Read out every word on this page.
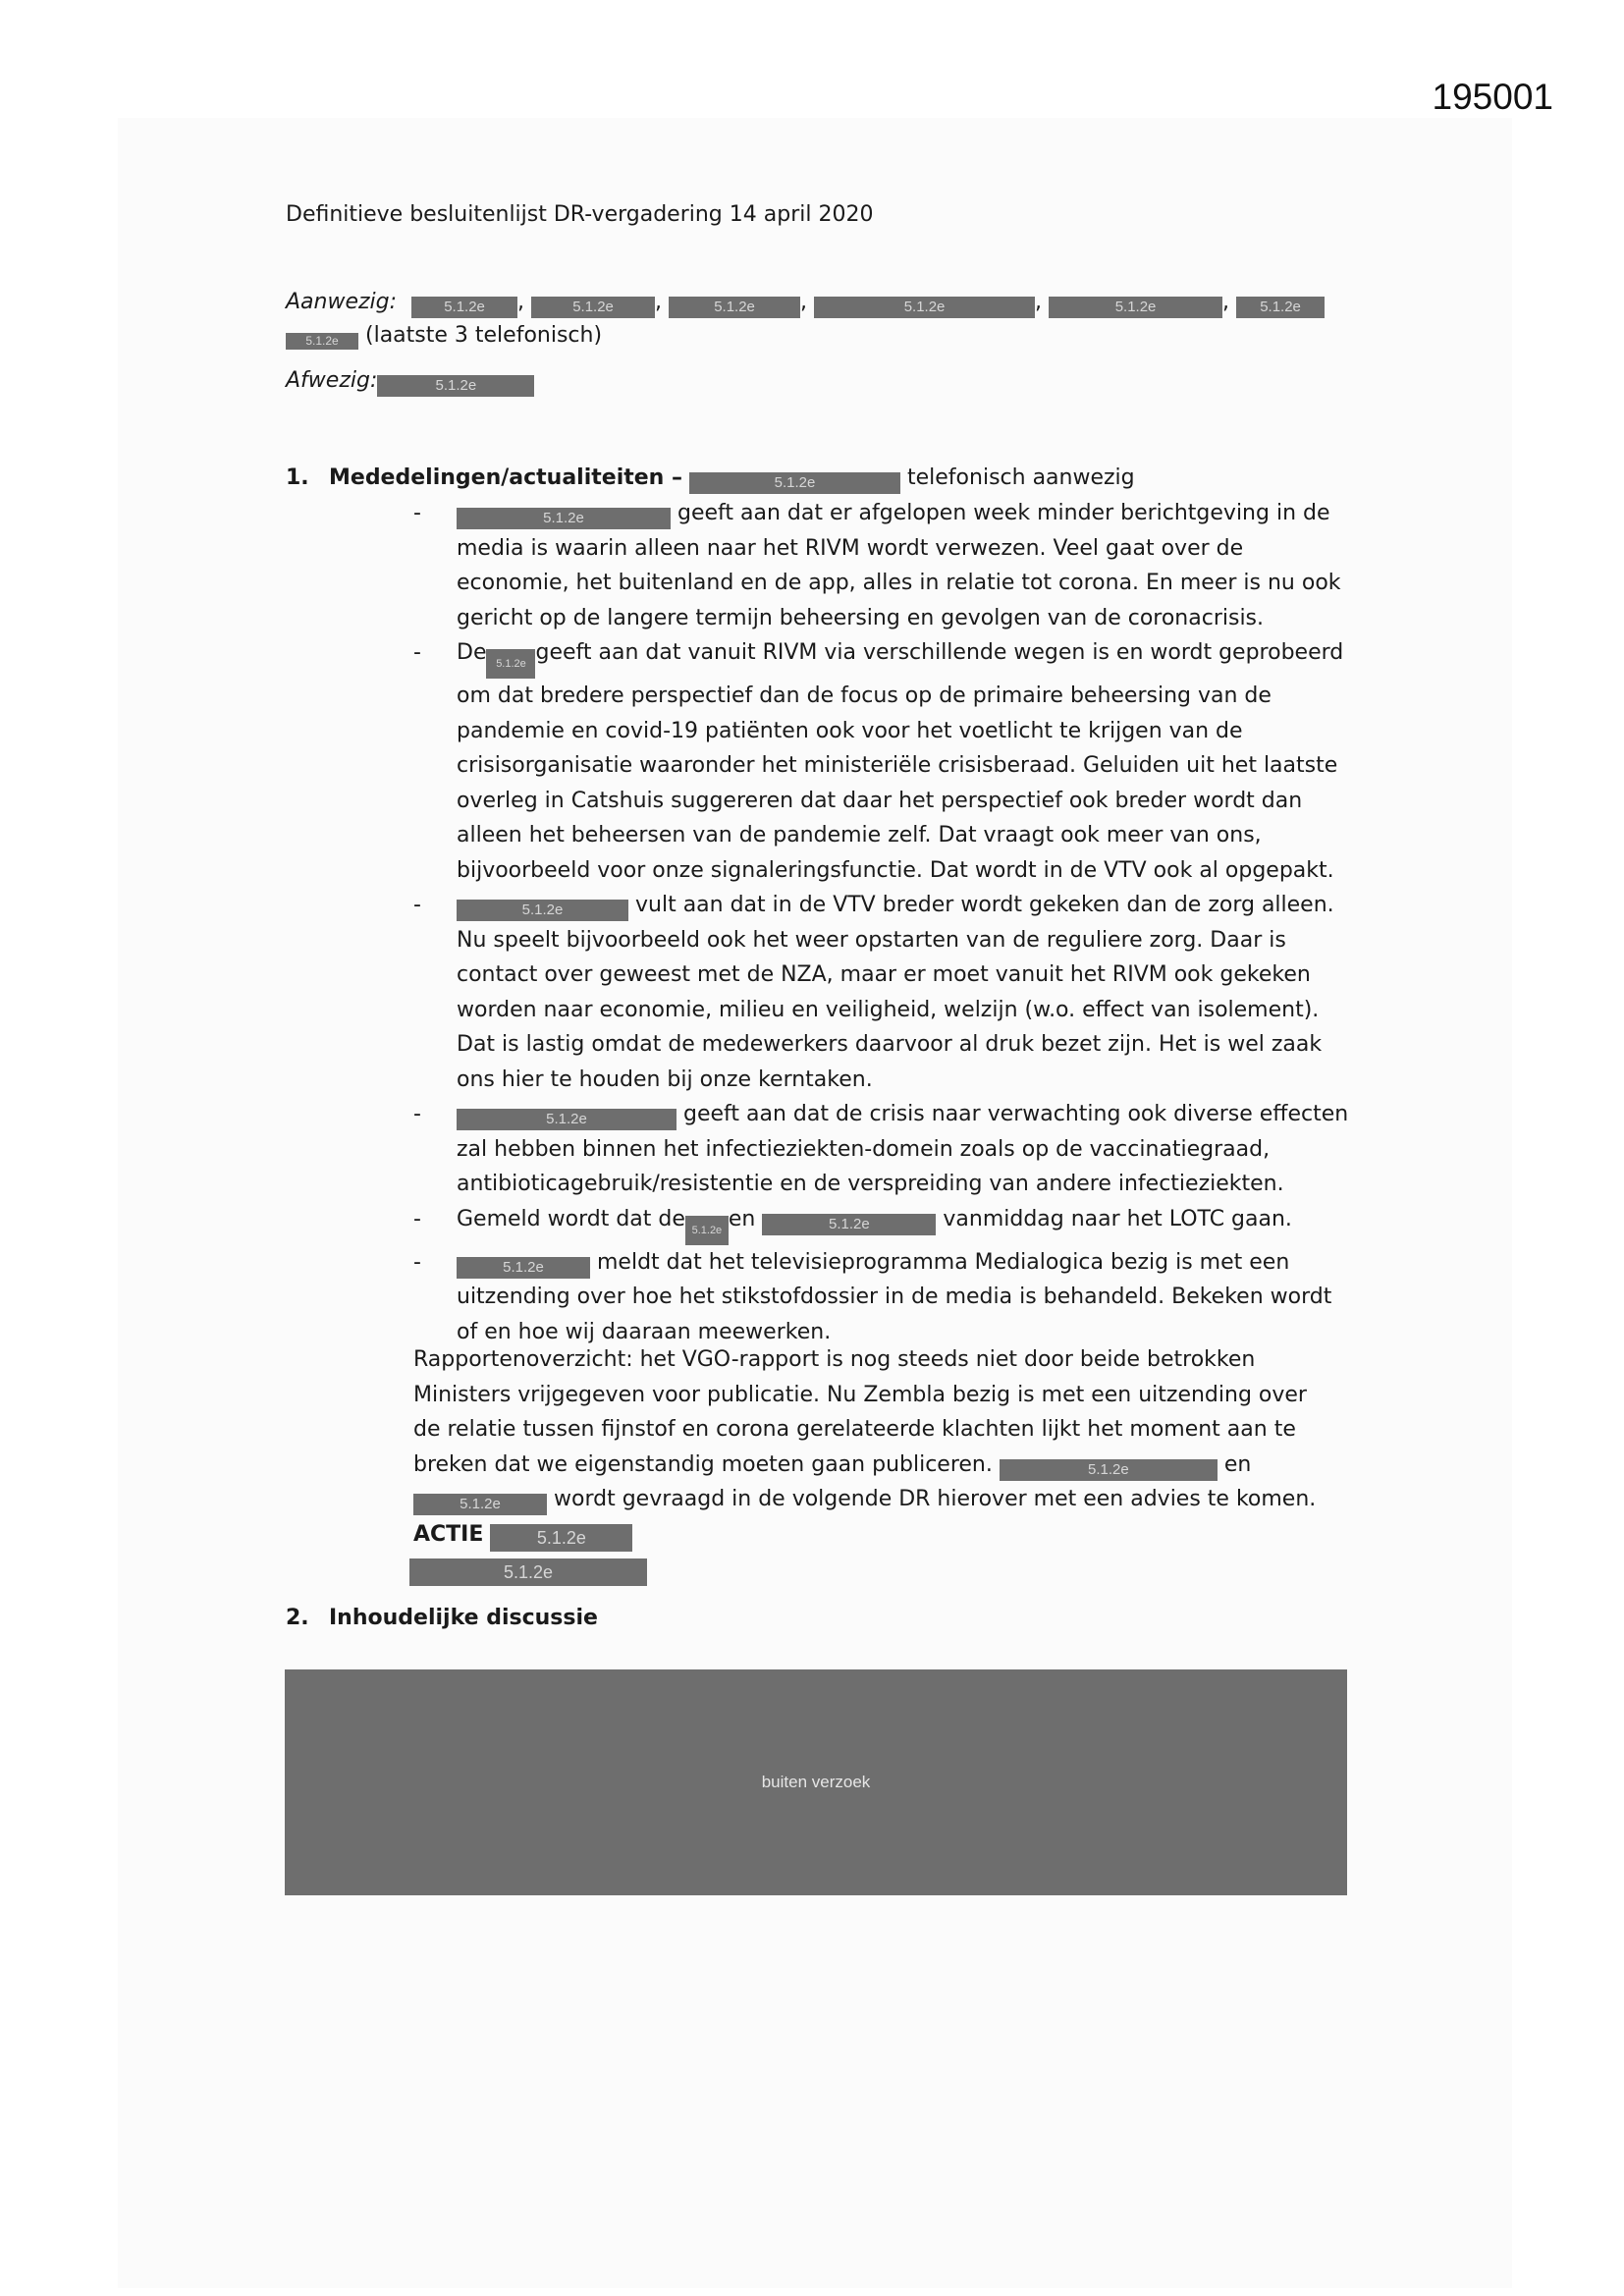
195001
Definitieve besluitenlijst DR-vergadering 14 april 2020
Aanwezig:	5.1.2e ,	5.1.2e ,	5.1.2e ,	5.1.2e	,	5.1.2e	, 5.1.2e
5.1.2e (laatste 3 telefonisch)
Afwezig:	5.1.2e
1. Mededelingen/actualiteiten –	5.1.2e	telefonisch aanwezig
-	5.1.2e	geeft aan dat er afgelopen week minder berichtgeving in de media is waarin alleen naar het RIVM wordt verwezen. Veel gaat over de economie, het buitenland en de app, alles in relatie tot corona. En meer is nu ook gericht op de langere termijn beheersing en gevolgen van de coronacrisis.
- De 5.1.2e geeft aan dat vanuit RIVM via verschillende wegen is en wordt geprobeerd om dat bredere perspectief dan de focus op de primaire beheersing van de pandemie en covid-19 patiënten ook voor het voetlicht te krijgen van de crisisorganisatie waaronder het ministeriële crisisberaad. Geluiden uit het laatste overleg in Catshuis suggereren dat daar het perspectief ook breder wordt dan alleen het beheersen van de pandemie zelf. Dat vraagt ook meer van ons, bijvoorbeeld voor onze signaleringsfunctie. Dat wordt in de VTV ook al opgepakt.
-	5.1.2e	vult aan dat in de VTV breder wordt gekeken dan de zorg alleen. Nu speelt bijvoorbeeld ook het weer opstarten van de reguliere zorg. Daar is contact over geweest met de NZA, maar er moet vanuit het RIVM ook gekeken worden naar economie, milieu en veiligheid, welzijn (w.o. effect van isolement). Dat is lastig omdat de medewerkers daarvoor al druk bezet zijn. Het is wel zaak ons hier te houden bij onze kerntaken.
-	5.1.2e	geeft aan dat de crisis naar verwachting ook diverse effecten zal hebben binnen het infectieziekten-domein zoals op de vaccinatiegraad, antibioticagebruik/resistentie en de verspreiding van andere infectieziekten.
- Gemeld wordt dat de 5.1.2e en	5.1.2e	vanmiddag naar het LOTC gaan.
-	5.1.2e meldt dat het televisieprogramma Medialogica bezig is met een uitzending over hoe het stikstofdossier in de media is behandeld. Bekeken wordt of en hoe wij daaraan meewerken.
Rapportenoverzicht: het VGO-rapport is nog steeds niet door beide betrokken Ministers vrijgegeven voor publicatie. Nu Zembla bezig is met een uitzending over de relatie tussen fijnstof en corona gerelateerde klachten lijkt het moment aan te breken dat we eigenstandig moeten gaan publiceren.	5.1.2e	en 5.1.2e wordt gevraagd in de volgende DR hierover met een advies te komen. ACTIE	5.1.2e
5.1.2e
2. Inhoudelijke discussie
buiten verzoek
